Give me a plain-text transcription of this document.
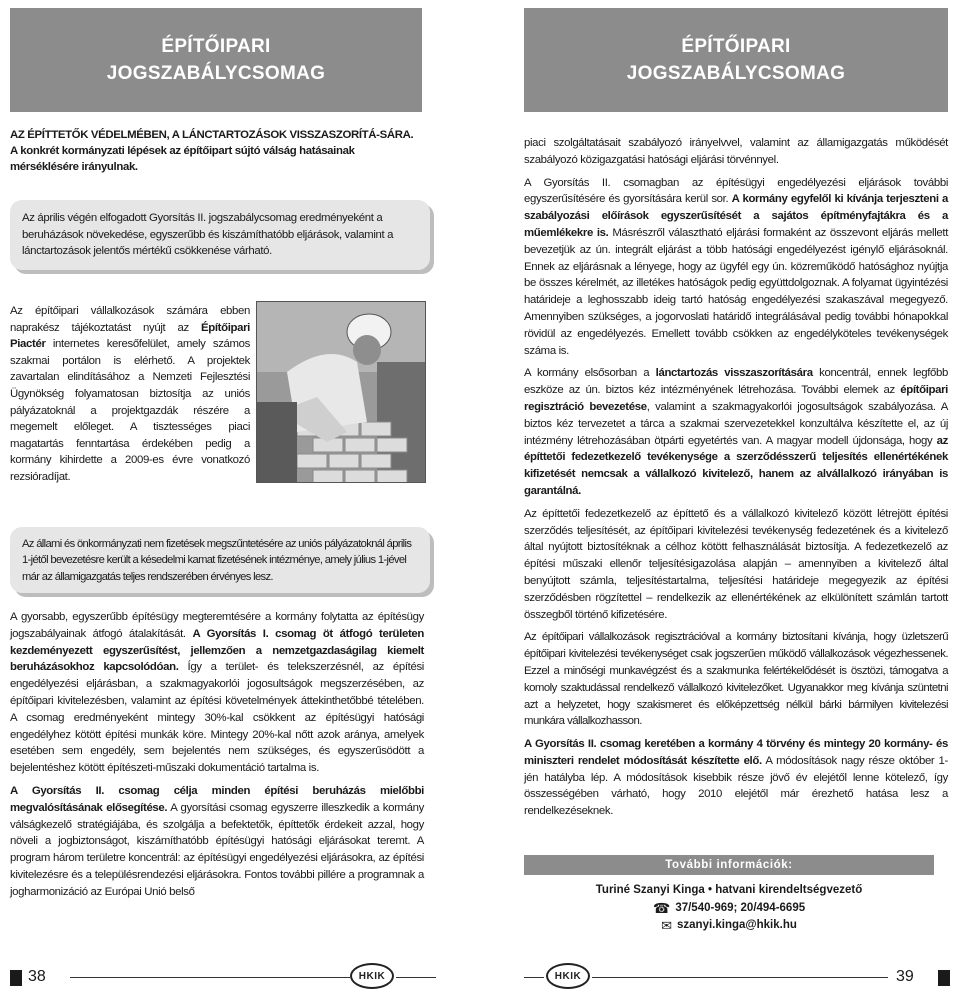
ÉPÍTŐIPARI
JOGSZABÁLYCSOMAG

AZ ÉPÍTTETŐK VÉDELMÉBEN, A LÁNCTARTOZÁSOK VISSZASZORÍTÁ-SÁRA. A konkrét kormányzati lépések az építőipart sújtó válság hatásainak mérséklésére irányulnak.

Az április végén elfogadott Gyorsítás II. jogszabálycsomag eredményeként a beruházások növekedése, egyszerűbb és kiszámíthatóbb eljárások, valamint a lánctartozások jelentős mértékű csökkenése várható.

Az építőipari vállalkozások számára ebben naprakész tájékoztatást nyújt az Építőipari Piactér internetes keresőfelület, amely számos szakmai portálon is elérhető. A projektek zavartalan elindításához a Nemzeti Fejlesztési Ügynökség folyamatosan biztosítja az uniós pályázatoknál a projektgazdák részére a megemelt előleget. A tisztességes piaci magatartás fenntartása érdekében pedig a kormány kihirdette a 2009-es évre vonatkozó rezsióradíjat.

Az állami és önkormányzati nem fizetések megszűntetésére az uniós pályázatoknál április 1-jétől bevezetésre került a késedelmi kamat fizetésének intézménye, amely július 1-jével már az államigazgatás teljes rendszerében érvényes lesz.

A gyorsabb, egyszerűbb építésügy megteremtésére a kormány folytatta az építésügy jogszabályainak átfogó átalakítását. A Gyorsítás I. csomag öt átfogó területen kezdeményezett egyszerűsítést, jellemzően a nemzetgazdaságilag kiemelt beruházásokhoz kapcsolódóan. Így a terület- és telekszerzésnél, az építési engedélyezési eljárásban, a szakmagyakorlói jogosultságok megszerzésében, az építőipari kivitelezésben, valamint az építési követelmények áttekinthetőbbé tételében. A csomag eredményeként mintegy 30%-kal csökkent az építésügyi hatósági engedélyhez kötött építési munkák köre. Mintegy 20%-kal nőtt azok aránya, amelyek esetében sem engedély, sem bejelentés nem szükséges, és egyszerűsödött a bejelentéshez kötött építészeti-műszaki dokumentáció tartalma is.

A Gyorsítás II. csomag célja minden építési beruházás mielőbbi megvalósításának elősegítése. A gyorsítási csomag egyszerre illeszkedik a kormány válságkezelő stratégiájába, és szolgálja a befektetők, építtetők érdekeit azzal, hogy növeli a jogbiztonságot, kiszámíthatóbb építésügyi hatósági eljárásokat teremt. A program három területre koncentrál: az építésügyi engedélyezési eljárásokra, az építési kivitelezésre és a településrendezési eljárásokra. Fontos további pillére a programnak a jogharmonizáció az Európai Unió belső

38	HKIK
ÉPÍTŐIPARI
JOGSZABÁLYCSOMAG

piaci szolgáltatásait szabályozó irányelvvel, valamint az államigazgatás működését szabályozó közigazgatási hatósági eljárási törvénnyel.

A Gyorsítás II. csomagban az építésügyi engedélyezési eljárások további egyszerűsítésére és gyorsítására kerül sor. A kormány egyfelől ki kívánja terjeszteni a szabályozási előírások egyszerűsítését a sajátos építményfajtákra és a műemlékekre is. Másrészről választható eljárási formaként az összevont eljárás mellett bevezetjük az ún. integrált eljárást a több hatósági engedélyezést igénylő eljárásoknál. Ennek az eljárásnak a lényege, hogy az ügyfél egy ún. közreműködő hatósághoz nyújtja be összes kérelmét, az illetékes hatóságok pedig együttdolgoznak. A folyamat ügyintézési határideje a leghosszabb ideig tartó hatóság engedélyezési szakaszával megegyező. Amennyiben szükséges, a jogorvoslati határidő integrálásával pedig további hónapokkal rövidül az engedélyezés. Emellett tovább csökken az engedélyköteles tevékenységek száma is.

A kormány elsősorban a lánctartozás visszaszorítására koncentrál, ennek legfőbb eszköze az ún. biztos kéz intézményének létrehozása. További elemek az építőipari regisztráció bevezetése, valamint a szakmagyakorlói jogosultságok szabályozása. A biztos kéz tervezetet a tárca a szakmai szervezetekkel konzultálva készítette el, az új intézmény létrehozásában ötpárti egyetértés van. A magyar modell újdonsága, hogy az építtetői fedezetkezelő tevékenysége a szerződésszerű teljesítés ellenértékének kifizetését nemcsak a vállalkozó kivitelező, hanem az alvállalkozó irányában is garantálná.

Az építtetői fedezetkezelő az építtető és a vállalkozó kivitelező között létrejött építési szerződés teljesítését, az építőipari kivitelezési tevékenység fedezetének és a kivitelező által nyújtott biztosítéknak a célhoz kötött felhasználását biztosítja. A fedezetkezelő az építési műszaki ellenőr teljesítésigazolása alapján – amennyiben a kivitelező által benyújtott számla, teljesítéstartalma, teljesítési határideje megegyezik az építési szerződésben rögzítettel – rendelkezik az ellenértékének az elkülönített számlán tartott összegből történő kifizetésére.

Az építőipari vállalkozások regisztrációval a kormány biztosítani kívánja, hogy üzletszerű építőipari kivitelezési tevékenységet csak jogszerűen működő vállalkozások végezhessenek. Ezzel a minőségi munkavégzést és a szakmunka felértékelődését is ösztözi, támogatva a komoly szaktudással rendelkező vállalkozó kivitelezőket. Ugyanakkor meg kívánja szüntetni azt a helyzetet, hogy szakismeret és előképzettség nélkül bárki bármilyen kivitelezési munkára vállalkozhasson.

A Gyorsítás II. csomag keretében a kormány 4 törvény és mintegy 20 kormány- és miniszteri rendelet módosítását készítette elő. A módosítások nagy része október 1-jén hatályba lép. A módosítások kisebbik része jövő év elejétől lenne kötelező, így összességében várható, hogy 2010 elejétől már érezhető hatása lesz a rendelkezéseknek.

További információk:
Turiné Szanyi Kinga • hatvani kirendeltségvezető
☎ 37/540-969; 20/494-6695
✉ szanyi.kinga@hkik.hu
HKIK	39
